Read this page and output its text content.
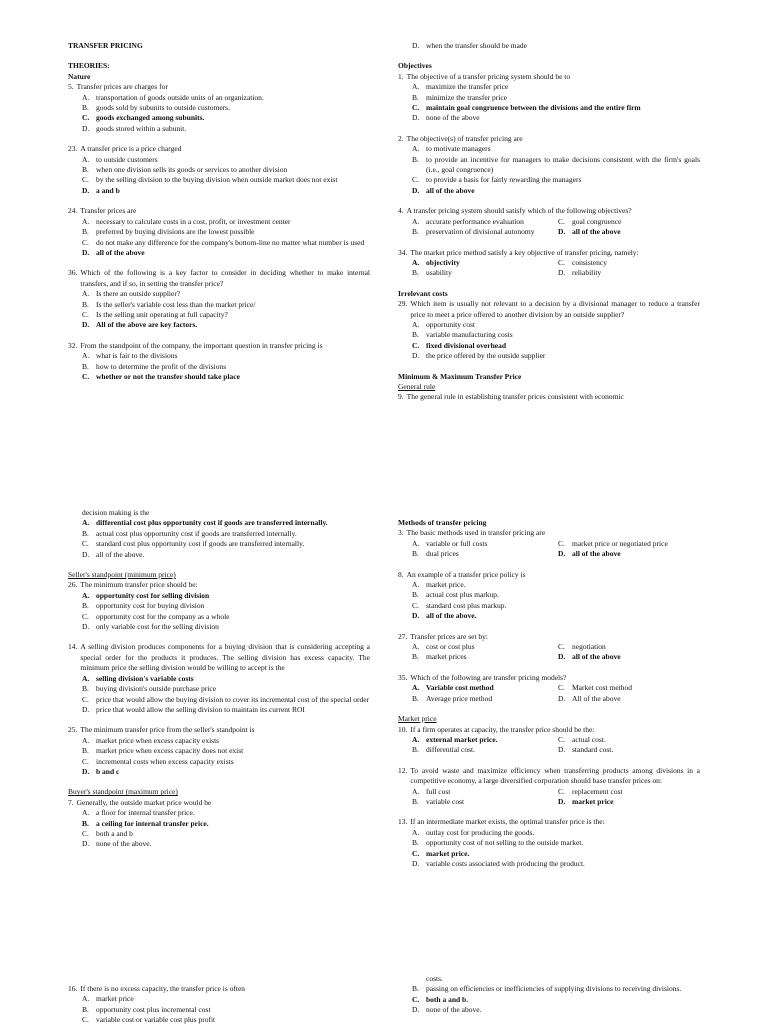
TRANSFER PRICING
THEORIES:
Nature
5. Transfer prices are charges for
A. transportation of goods outside units of an organization.
B. goods sold by subunits to outside customers.
C. goods exchanged among subunits.
D. goods stored within a subunit.
23. A transfer price is a price charged
A. to outside customers
B. when one division sells its goods or services to another division
C. by the selling division to the buying division when outside market does not exist
D. a and b
24. Transfer prices are
A. necessary to calculate costs in a cost, profit, or investment center
B. preferred by buying divisions are the lowest possible
C. do not make any difference for the company's bottom-line no matter what number is used
D. all of the above
36. Which of the following is a key factor to consider in deciding whether to make internal transfers, and if so, in setting the transfer price?
A. Is there an outside supplier?
B. Is the seller's variable cost less than the market price/
C. Is the selling unit operating at full capacity?
D. All of the above are key factors.
32. From the standpoint of the company, the important question in transfer pricing is
A. what is fair to the divisions
B. how to determine the profit of the divisions
C. whether or not the transfer should take place
D. when the transfer should be made
Objectives
1. The objective of a transfer pricing system should be to
A. maximize the transfer price
B. minimize the transfer price
C. maintain goal congruence between the divisions and the entire firm
D. none of the above
2. The objective(s) of transfer pricing are
A. to motivate managers
B. to provide an incentive for managers to make decisions consistent with the firm's goals (i.e., goal congruence)
C. to provide a basis for fairly rewarding the managers
D. all of the above
4. A transfer pricing system should satisfy which of the following objectives?
A. accurate performance evaluation	C. goal congruence
B. preservation of divisional autonomy	D. all of the above
34. The market price method satisfy a key objective of transfer pricing, namely:
A. objectivity	C. consistency
B. usability	D. reliability
Irrelevant costs
29. Which item is usually not relevant to a decision by a divisional manager to reduce a transfer price to meet a price offered to another division by an outside supplier?
A. opportunity cost
B. variable manufacturing costs
C. fixed divisional overhead
D. the price offered by the outside supplier
Minimum & Maximum Transfer Price
General rule
9. The general rule in establishing transfer prices consistent with economic
decision making is the
A. differential cost plus opportunity cost if goods are transferred internally.
B. actual cost plus opportunity cost if goods are transferred internally.
C. standard cost plus opportunity cost if goods are transferred internally.
D. all of the above.
Seller's standpoint (minimum price)
26. The minimum transfer price should be:
A. opportunity cost for selling division
B. opportunity cost for buying division
C. opportunity cost for the company as a whole
D. only variable cost for the selling division
14. A selling division produces components for a buying division that is considering accepting a special order for the products it produces. The selling division has excess capacity. The minimum price the selling division would be willing to accept is the
A. selling division's variable costs
B. buying division's outside purchase price
C. price that would allow the buying division to cover its incremental cost of the special order
D. price that would allow the selling division to maintain its current ROI
25. The minimum transfer price from the seller's standpoint is
A. market price when excess capacity exists
B. market price when excess capacity does not exist
C. incremental costs when excess capacity exists
D. b and c
Buyer's standpoint (maximum price)
7. Generally, the outside market price would be
A. a floor for internal transfer price.
B. a ceiling for internal transfer price.
C. both a and b
D. none of the above.
Methods of transfer pricing
3. The basic methods used in transfer pricing are
A. variable or full costs	C. market price or negotiated price
B. dual prices	D. all of the above
8. An example of a transfer price policy is
A. market price.
B. actual cost plus markup.
C. standard cost plus markup.
D. all of the above.
27. Transfer prices are set by:
A. cost or cost plus	C. negotiation
B. market prices	D. all of the above
35. Which of the following are transfer pricing models?
A. Variable cost method	C. Market cost method
B. Average price method	D. All of the above
Market price
10. If a firm operates at capacity, the transfer price should be the:
A. external market price.	C. actual cost.
B. differential cost.	D. standard cost.
12. To avoid waste and maximize efficiency when transferring products among divisions in a competitive economy, a large diversified corporation should base transfer prices on:
A. full cost	C. replacement cost
B. variable cost	D. market price
13. If an intermediate market exists, the optimal transfer price is the:
A. outlay cost for producing the goods.
B. opportunity cost of not selling to the outside market.
C. market price.
D. variable costs associated with producing the product.
16. If there is no excess capacity, the transfer price is often
A. market price
B. opportunity cost plus incremental cost
C. variable cost or variable cost plus profit
costs.
B. passing on efficiencies or inefficiencies of supplying divisions to receiving divisions.
C. both a and b.
D. none of the above.
